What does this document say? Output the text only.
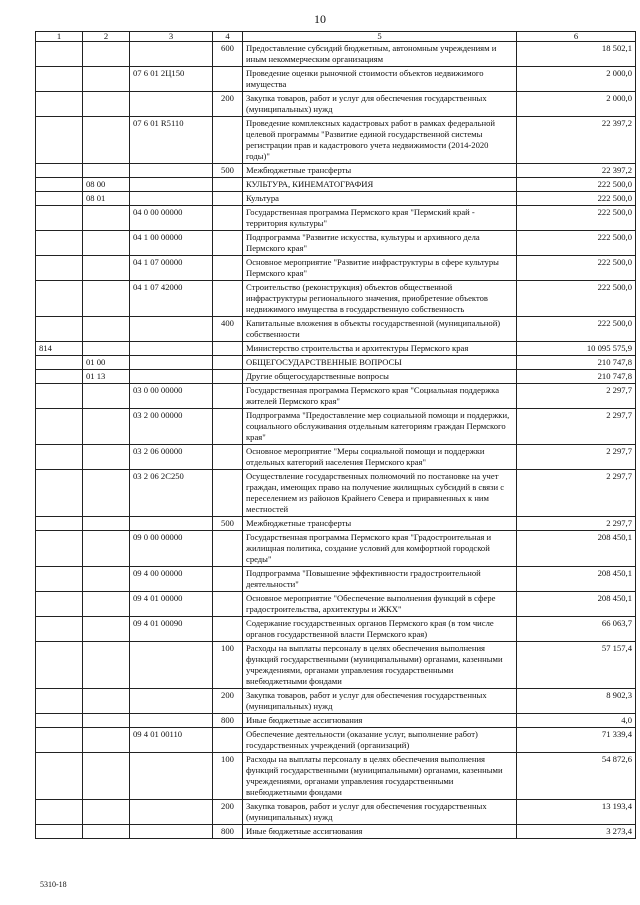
10
1	2	3	4	5	6
			600	Предоставление субсидий бюджетным, автономным учреждениям и иным некоммерческим организациям	18 502,1
		07 6 01 2Ц150		Проведение оценки рыночной стоимости объектов недвижимого имущества	2 000,0
			200	Закупка товаров, работ и услуг для обеспечения государственных (муниципальных) нужд	2 000,0
		07 6 01 R5110		Проведение комплексных кадастровых работ в рамках федеральной целевой программы "Развитие единой государственной системы регистрации прав и кадастрового учета недвижимости (2014-2020 годы)"	22 397,2
			500	Межбюджетные трансферты	22 397,2
	08 00			КУЛЬТУРА, КИНЕМАТОГРАФИЯ	222 500,0
	08 01			Культура	222 500,0
		04 0 00 00000		Государственная программа Пермского края "Пермский край - территория культуры"	222 500,0
		04 1 00 00000		Подпрограмма "Развитие искусства, культуры и архивного дела Пермского края"	222 500,0
		04 1 07 00000		Основное мероприятие "Развитие инфраструктуры в сфере культуры Пермского края"	222 500,0
		04 1 07 42000		Строительство (реконструкция) объектов общественной инфраструктуры регионального значения, приобретение объектов недвижимого имущества в государственную собственность	222 500,0
			400	Капитальные вложения в объекты государственной (муниципальной) собственности	222 500,0
814				Министерство строительства и архитектуры Пермского края	10 095 575,9
	01 00			ОБЩЕГОСУДАРСТВЕННЫЕ ВОПРОСЫ	210 747,8
	01 13			Другие общегосударственные вопросы	210 747,8
		03 0 00 00000		Государственная программа Пермского края "Социальная поддержка жителей Пермского края"	2 297,7
		03 2 00 00000		Подпрограмма "Предоставление мер социальной помощи и поддержки, социального обслуживания отдельным категориям граждан Пермского края"	2 297,7
		03 2 06 00000		Основное мероприятие "Меры социальной помощи и поддержки отдельных категорий населения Пермского края"	2 297,7
		03 2 06 2С250		Осуществление государственных полномочий по постановке на учет граждан, имеющих право на получение жилищных субсидий в связи с переселением из районов Крайнего Севера и приравненных к ним местностей	2 297,7
			500	Межбюджетные трансферты	2 297,7
		09 0 00 00000		Государственная программа Пермского края "Градостроительная и жилищная политика, создание условий для комфортной городской среды"	208 450,1
		09 4 00 00000		Подпрограмма "Повышение эффективности градостроительной деятельности"	208 450,1
		09 4 01 00000		Основное мероприятие "Обеспечение выполнения функций в сфере градостроительства, архитектуры и ЖКХ"	208 450,1
		09 4 01 00090		Содержание государственных органов Пермского края (в том числе органов государственной власти Пермского края)	66 063,7
			100	Расходы на выплаты персоналу в целях обеспечения выполнения функций государственными (муниципальными) органами, казенными учреждениями, органами управления государственными внебюджетными фондами	57 157,4
			200	Закупка товаров, работ и услуг для обеспечения государственных (муниципальных) нужд	8 902,3
			800	Иные бюджетные ассигнования	4,0
		09 4 01 00110		Обеспечение деятельности (оказание услуг, выполнение работ) государственных учреждений (организаций)	71 339,4
			100	Расходы на выплаты персоналу в целях обеспечения выполнения функций государственными (муниципальными) органами, казенными учреждениями, органами управления государственными внебюджетными фондами	54 872,6
			200	Закупка товаров, работ и услуг для обеспечения государственных (муниципальных) нужд	13 193,4
			800	Иные бюджетные ассигнования	3 273,4
5310-18
